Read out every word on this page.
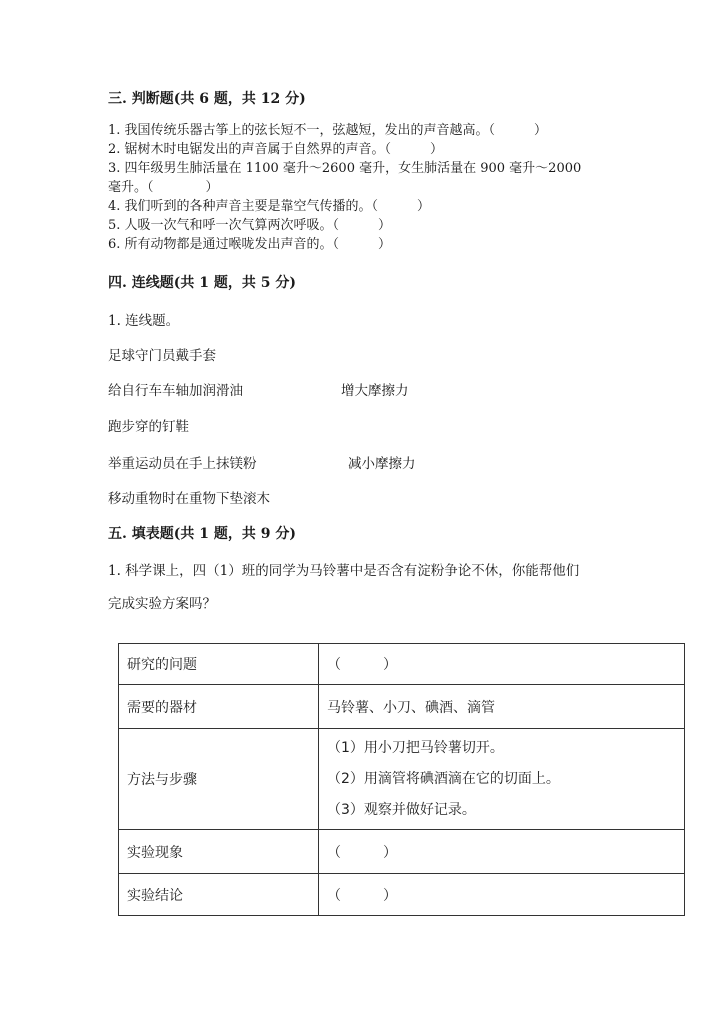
三. 判断题(共 6 题，共 12 分)
1. 我国传统乐器古筝上的弦长短不一，弦越短，发出的声音越高。（　　　）
2. 锯树木时电锯发出的声音属于自然界的声音。（　　　）
3. 四年级男生肺活量在 1100 毫升～2600 毫升，女生肺活量在 900 毫升～2000
毫升。（　　　　）
4. 我们听到的各种声音主要是靠空气传播的。（　　　）
5. 人吸一次气和呼一次气算两次呼吸。（　　　）
6. 所有动物都是通过喉咙发出声音的。（　　　）
四. 连线题(共 1 题，共 5 分)
1. 连线题。
足球守门员戴手套
给自行车车轴加润滑油	增大摩擦力
跑步穿的钉鞋
举重运动员在手上抹镁粉	减小摩擦力
移动重物时在重物下垫滚木
五. 填表题(共 1 题，共 9 分)
1. 科学课上，四（1）班的同学为马铃薯中是否含有淀粉争论不休，你能帮他们
完成实验方案吗？
研究的问题	（　　　）
需要的器材	马铃薯、小刀、碘酒、滴管
方法与步骤	（1）用小刀把马铃薯切开。
（2）用滴管将碘酒滴在它的切面上。
（3）观察并做好记录。

实验现象	（　　　）
实验结论	（　　　）
